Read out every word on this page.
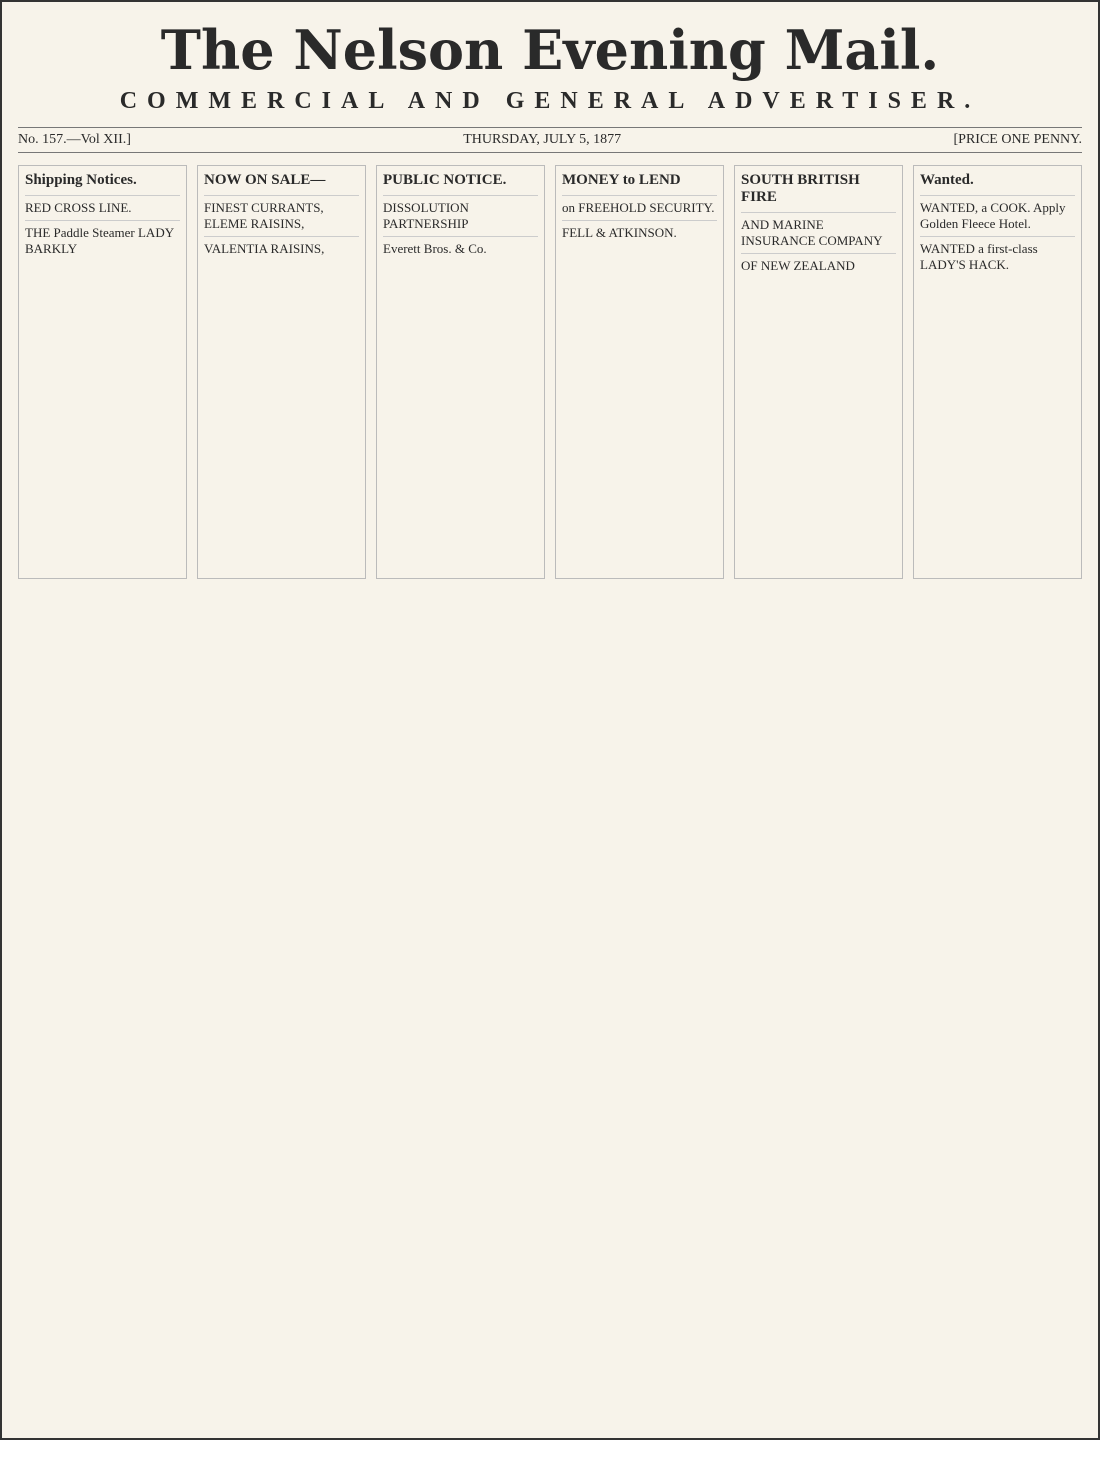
The Nelson Evening Mail.
COMMERCIAL AND GENERAL ADVERTISER.
No. 157.—Vol XII.]	THURSDAY, JULY 5, 1877	[PRICE ONE PENNY.
Shipping Notices.
RED CROSS LINE.
THE Paddle Steamer LADY BARKLY
NOW ON SALE—
FINEST CURRANTS, ELEME RAISINS,
VALENTIA RAISINS,
PUBLIC NOTICE.
DISSOLUTION PARTNERSHIP
Everett Bros. & Co.
MONEY to LEND
on FREEHOLD SECURITY.
FELL & ATKINSON.
SOUTH BRITISH FIRE
AND MARINE INSURANCE COMPANY
OF NEW ZEALAND
Wanted.
WANTED, a COOK. Apply Golden Fleece Hotel.
WANTED a first-class LADY'S HACK.
